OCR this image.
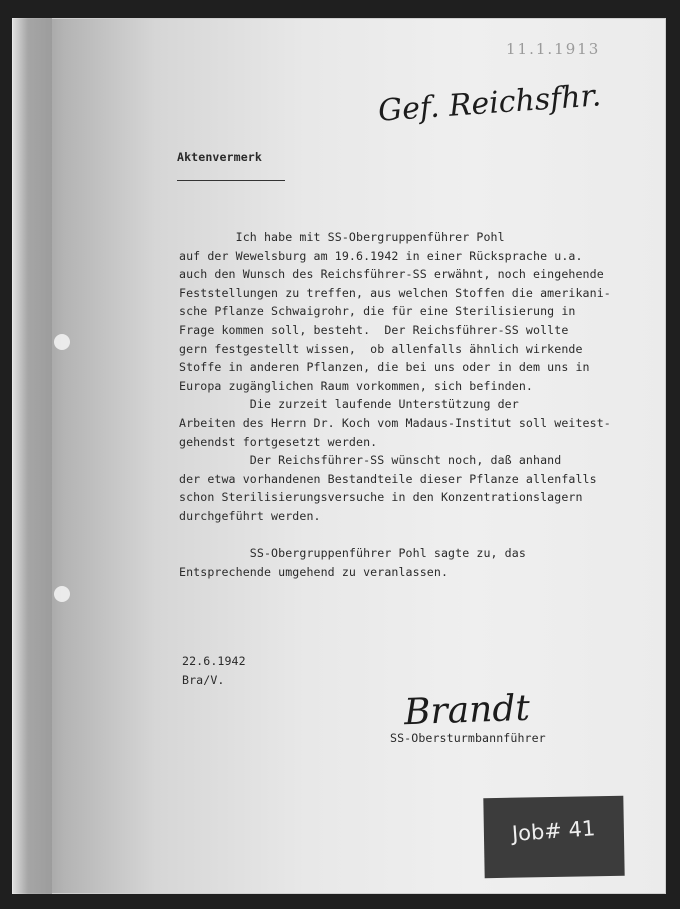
11.1.1913
Gef. Reichsfhr.
Aktenvermerk
Ich habe mit SS-Obergruppenführer Pohl
auf der Wewelsburg am 19.6.1942 in einer Rücksprache u.a.
auch den Wunsch des Reichsführer-SS erwähnt, noch eingehende
Feststellungen zu treffen, aus welchen Stoffen die amerikani-
sche Pflanze Schwaigrohr, die für eine Sterilisierung in
Frage kommen soll, besteht.  Der Reichsführer-SS wollte
gern festgestellt wissen,  ob allenfalls ähnlich wirkende
Stoffe in anderen Pflanzen, die bei uns oder in dem uns in
Europa zugänglichen Raum vorkommen, sich befinden.
Die zurzeit laufende Unterstützung der
Arbeiten des Herrn Dr. Koch vom Madaus-Institut soll weitest-
gehendst fortgesetzt werden.
Der Reichsführer-SS wünscht noch, daß anhand
der etwa vorhandenen Bestandteile dieser Pflanze allenfalls
schon Sterilisierungsversuche in den Konzentrationslagern
durchgeführt werden.
SS-Obergruppenführer Pohl sagte zu, das
Entsprechende umgehend zu veranlassen.
22.6.1942
Bra/V.
Brandt
SS-Obersturmbannführer
Job# 41
